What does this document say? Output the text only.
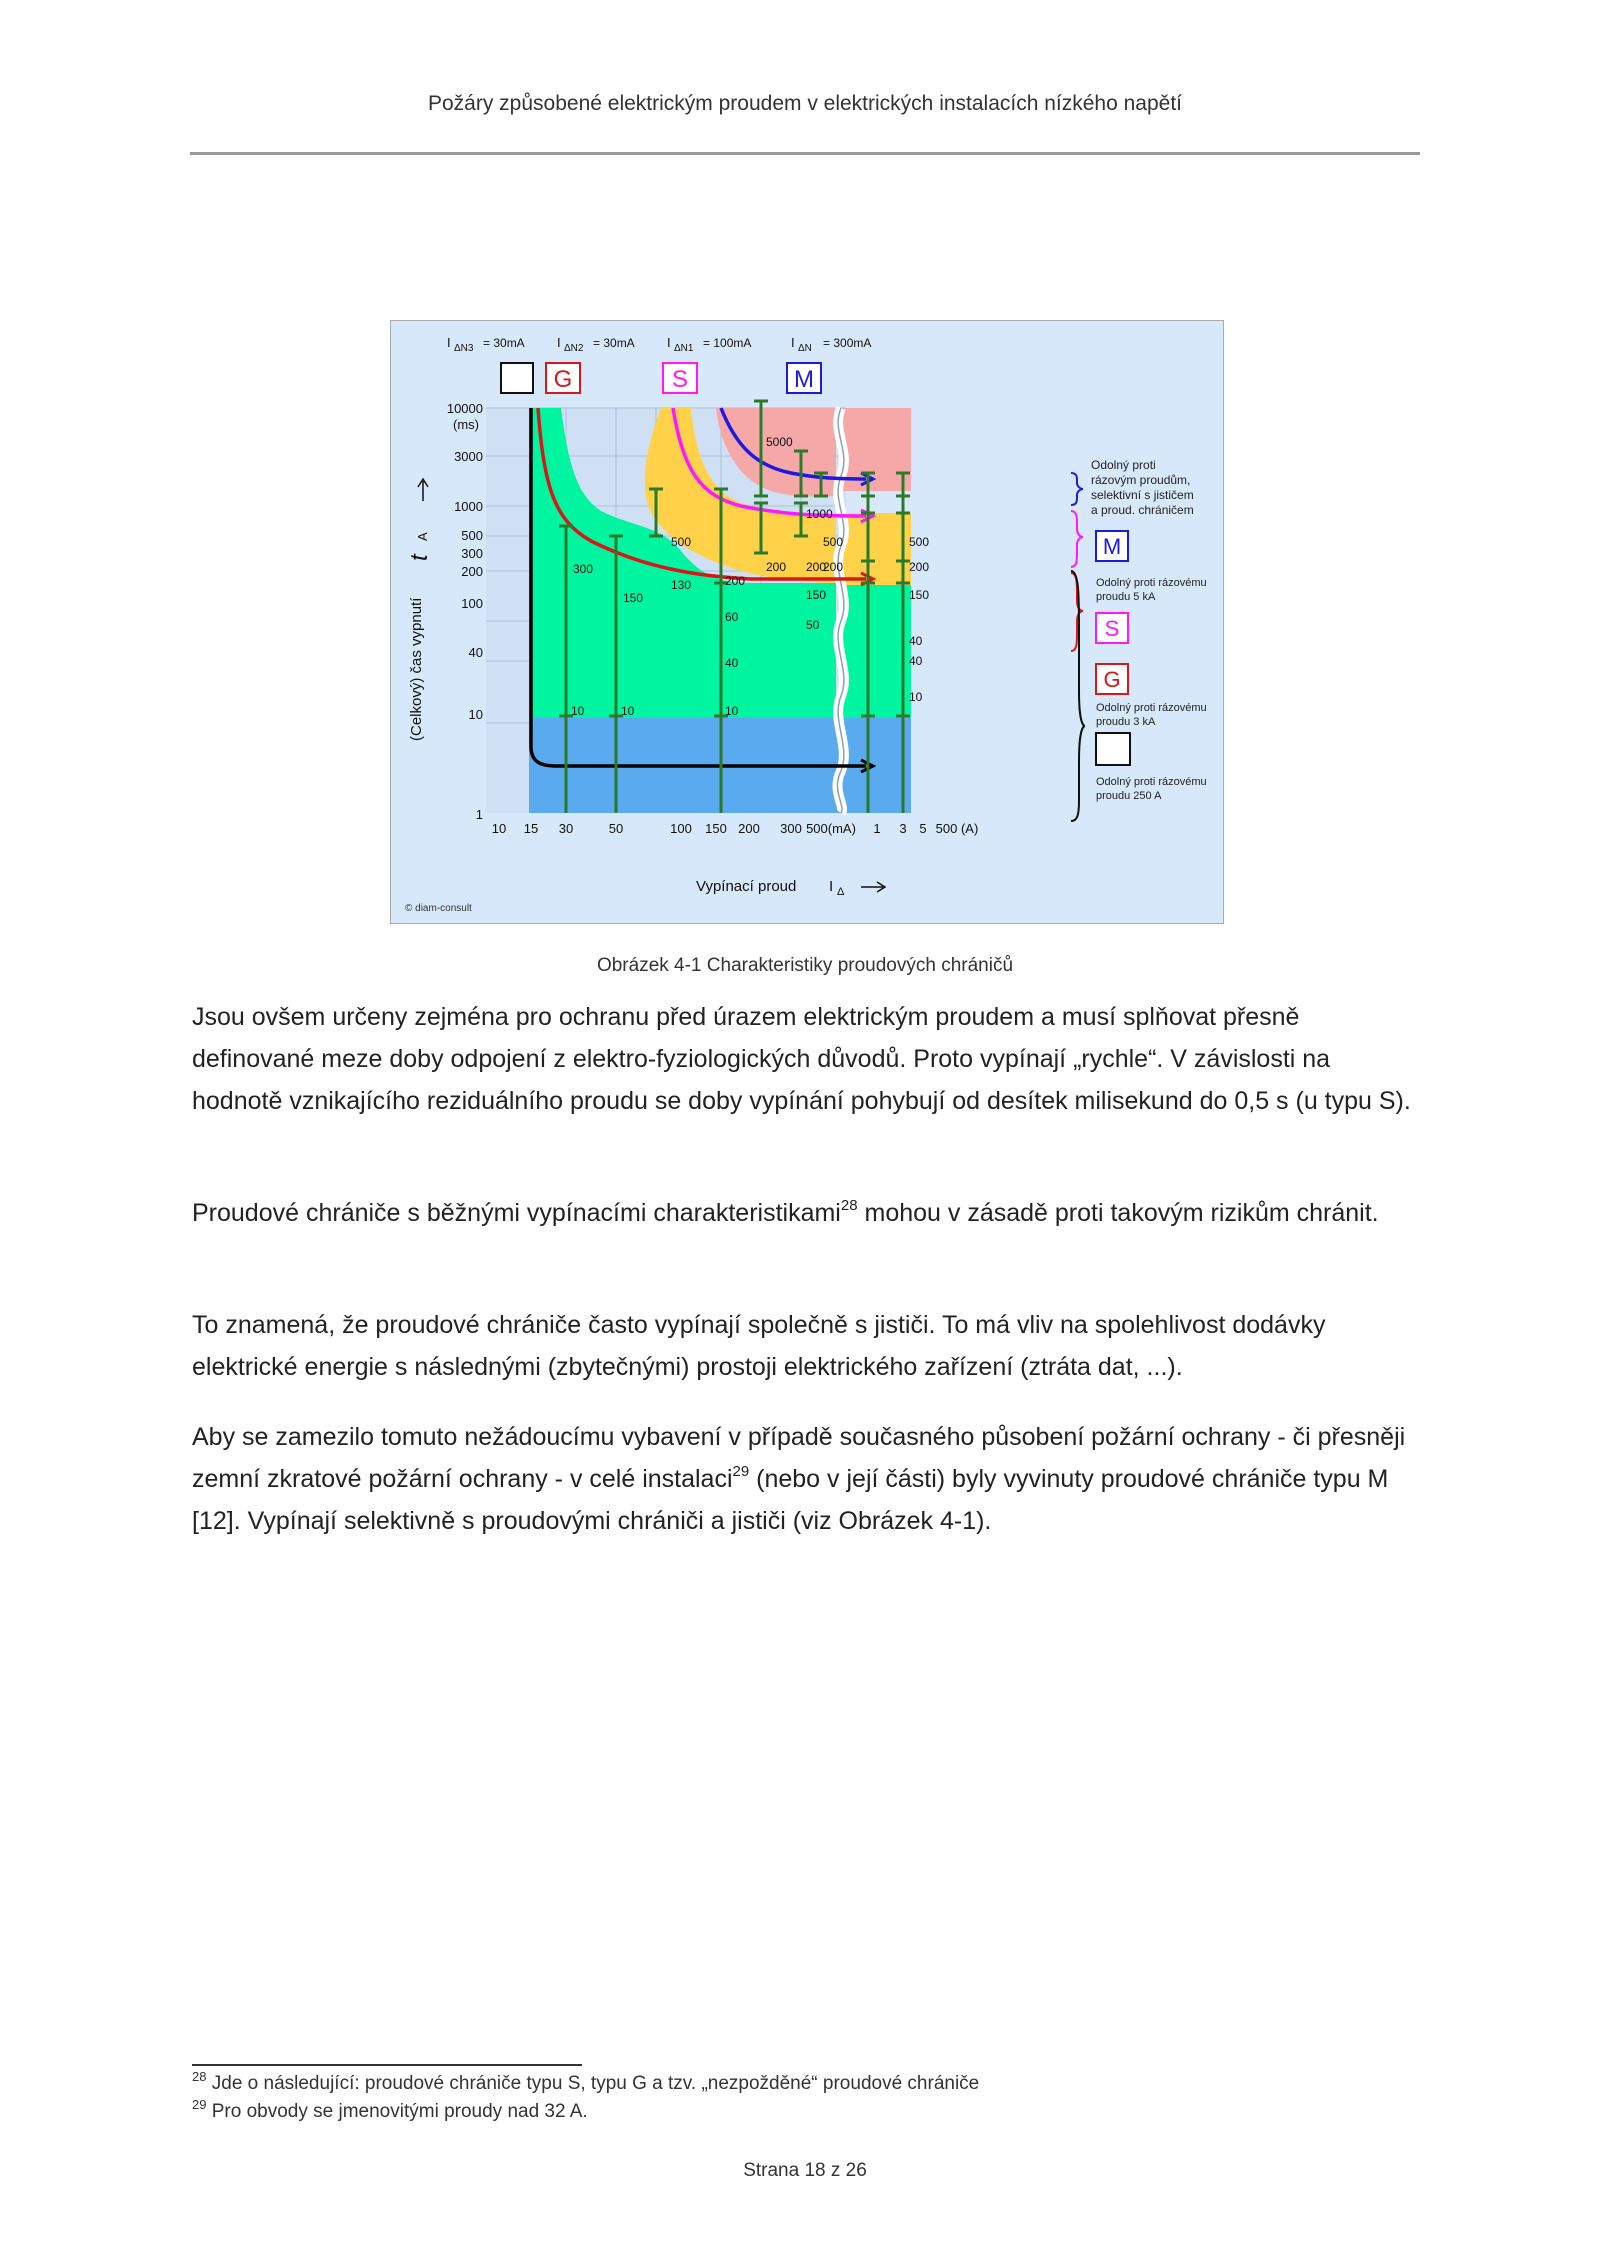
Požáry způsobené elektrickým proudem v elektrických instalacích nízkého napětí
300
150
10	10	10
40
200
60
500
130
5000
200
1000
200
150
50
500
200
500
200
150
40
40
10
10000
(ms)
3000
1000
500
300
200
100
40
10
1
10 15 30	50	100 150 200 300 500(mA) 1 3 5 500 (A)
(Celkový) čas vypnutí
t
A
Vypínací proud I Δ
© diam-consult
I ΔN3 = 30mA I ΔN2 = 30mA I ΔN1 = 100mA	I ΔN = 300mA
G	S	M
Odolný proti
rázovým proudům,
selektivní s jističem
a proud. chráničem
M
Odolný proti rázovému
proudu 5 kA
S
G
Odolný proti rázovému
proudu 3 kA
Odolný proti rázovému
proudu 250 A
Obrázek 4-1 Charakteristiky proudových chráničů
Jsou ovšem určeny zejména pro ochranu před úrazem elektrickým proudem a musí splňovat přesně definované meze doby odpojení z elektro-fyziologických důvodů. Proto vypínají „rychle“. V závislosti na hodnotě vznikajícího reziduálního proudu se doby vypínání pohybují od desítek milisekund do 0,5 s (u typu S).
Proudové chrániče s běžnými vypínacími charakteristikami$^{28}$ mohou v zásadě proti takovým rizikům chránit.
To znamená, že proudové chrániče často vypínají společně s jističi. To má vliv na spolehlivost dodávky elektrické energie s následnými (zbytečnými) prostoji elektrického zařízení (ztráta dat, ...).
Aby se zamezilo tomuto nežádoucímu vybavení v případě současného působení požární ochrany - či přesněji zemní zkratové požární ochrany - v celé instalaci$^{29}$ (nebo v její části) byly vyvinuty proudové chrániče typu M [12]. Vypínají selektivně s proudovými chrániči a jističi (viz Obrázek 4-1).
$^{28}$ Jde o následující: proudové chrániče typu S, typu G a tzv. „nezpožděné“ proudové chrániče
$^{29}$ Pro obvody se jmenovitými proudy nad 32 A.
Strana 18 z 26
